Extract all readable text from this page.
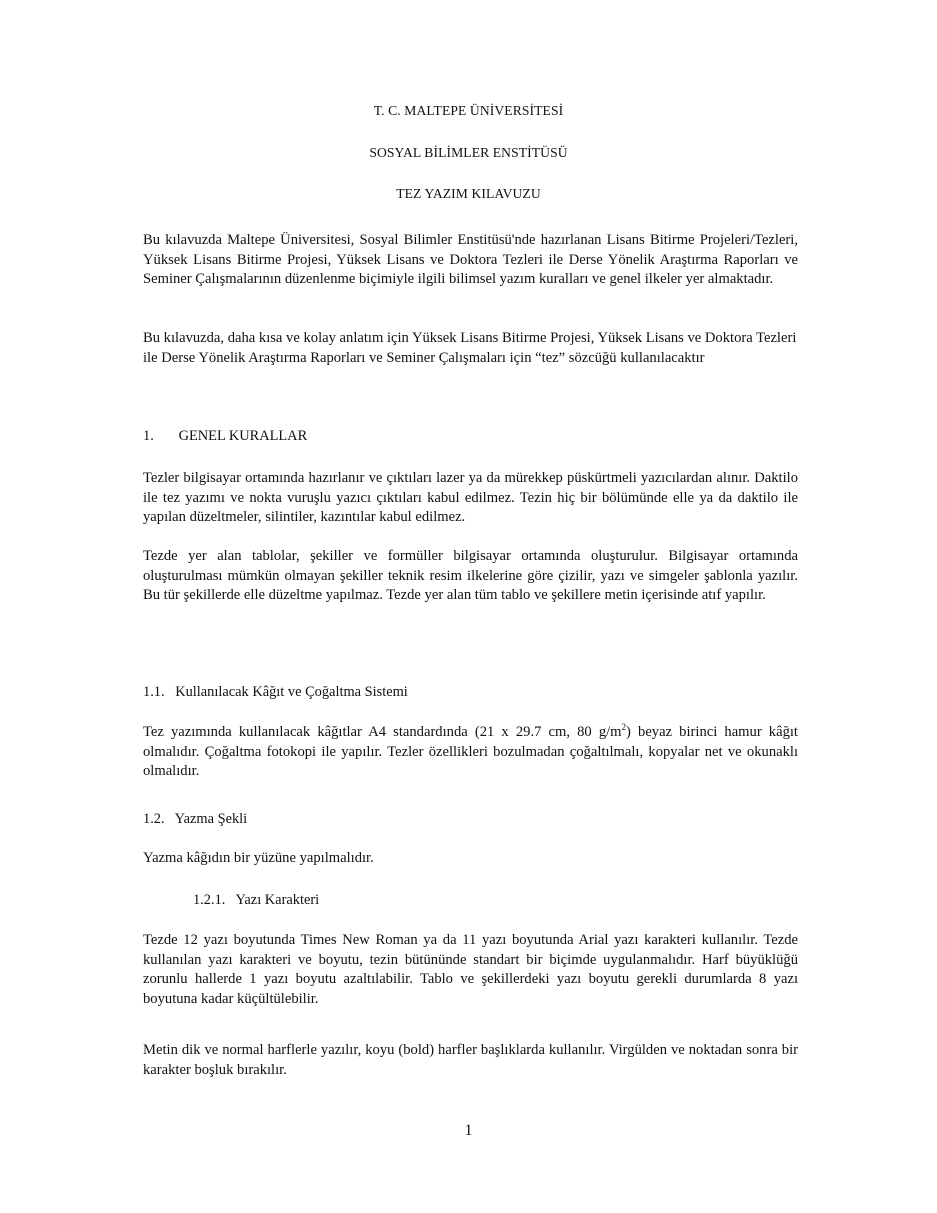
T. C. MALTEPE ÜNİVERSİTESİ
SOSYAL BİLİMLER ENSTİTÜSÜ
TEZ YAZIM KILAVUZU
Bu kılavuzda Maltepe Üniversitesi, Sosyal Bilimler Enstitüsü'nde hazırlanan Lisans Bitirme Projeleri/Tezleri, Yüksek Lisans Bitirme Projesi, Yüksek Lisans ve Doktora Tezleri ile Derse Yönelik Araştırma Raporları ve Seminer Çalışmalarının düzenlenme biçimiyle ilgili bilimsel yazım kuralları ve genel ilkeler yer almaktadır.
Bu kılavuzda, daha kısa ve kolay anlatım için Yüksek Lisans Bitirme Projesi, Yüksek Lisans ve Doktora Tezleri ile Derse Yönelik Araştırma Raporları ve Seminer Çalışmaları için “tez” sözcüğü kullanılacaktır
1. GENEL KURALLAR
Tezler bilgisayar ortamında hazırlanır ve çıktıları lazer ya da mürekkep püskürtmeli yazıcılardan alınır. Daktilo ile tez yazımı ve nokta vuruşlu yazıcı çıktıları kabul edilmez. Tezin hiç bir bölümünde elle ya da daktilo ile yapılan düzeltmeler, silintiler, kazıntılar kabul edilmez.
Tezde yer alan tablolar, şekiller ve formüller bilgisayar ortamında oluşturulur. Bilgisayar ortamında oluşturulması mümkün olmayan şekiller teknik resim ilkelerine göre çizilir, yazı ve simgeler şablonla yazılır. Bu tür şekillerde elle düzeltme yapılmaz. Tezde yer alan tüm tablo ve şekillere metin içerisinde atıf yapılır.
1.1. Kullanılacak Kâğıt ve Çoğaltma Sistemi
Tez yazımında kullanılacak kâğıtlar A4 standardında (21 x 29.7 cm, 80 $g/m^2$) beyaz birinci hamur kâğıt olmalıdır. Çoğaltma fotokopi ile yapılır. Tezler özellikleri bozulmadan çoğaltılmalı, kopyalar net ve okunaklı olmalıdır.
1.2. Yazma Şekli
Yazma kâğıdın bir yüzüne yapılmalıdır.
1.2.1. Yazı Karakteri
Tezde 12 yazı boyutunda Times New Roman ya da 11 yazı boyutunda Arial yazı karakteri kullanılır. Tezde kullanılan yazı karakteri ve boyutu, tezin bütününde standart bir biçimde uygulanmalıdır. Harf büyüklüğü zorunlu hallerde 1 yazı boyutu azaltılabilir. Tablo ve şekillerdeki yazı boyutu gerekli durumlarda 8 yazı boyutuna kadar küçültülebilir.
Metin dik ve normal harflerle yazılır, koyu (bold) harfler başlıklarda kullanılır. Virgülden ve noktadan sonra bir karakter boşluk bırakılır.
1
